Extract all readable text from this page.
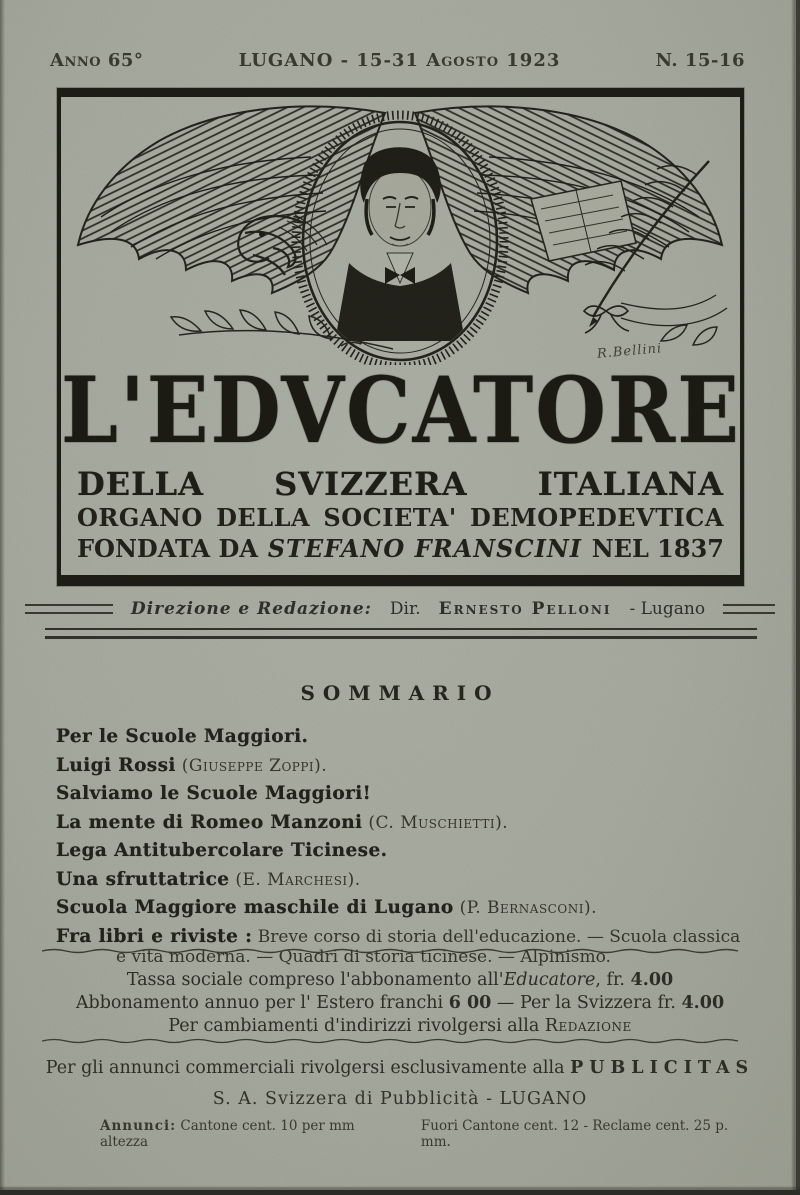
Anno 65°	LUGANO - 15-31 Agosto 1923	N. 15-16
R.Bellini
L'EDVCATORE
DELLA SVIZZERA ITALIANA
ORGANO DELLA SOCIETA' DEMOPEDEVTICA
FONDATA DA STEFANO FRANSCINI NEL 1837
Direzione e Redazione: Dir. Ernesto Pelloni - Lugano
SOMMARIO
Per le Scuole Maggiori.
Luigi Rossi (Giuseppe Zoppi).
Salviamo le Scuole Maggiori!
La mente di Romeo Manzoni (C. Muschietti).
Lega Antitubercolare Ticinese.
Una sfruttatrice (E. Marchesi).
Scuola Maggiore maschile di Lugano (P. Bernasconi).
Fra libri e riviste : Breve corso di storia dell'educazione. — Scuola classica e vita moderna. — Quadri di storia ticinese. — Alpinismo.
Tassa sociale compreso l'abbonamento all'Educatore, fr. 4.00
Abbonamento annuo per l' Estero franchi 6 00 — Per la Svizzera fr. 4.00
Per cambiamenti d'indirizzi rivolgersi alla Redazione
Per gli annunci commerciali rivolgersi esclusivamente alla PUBLICITAS
S. A. Svizzera di Pubblicità - LUGANO
Annunci: Cantone cent. 10 per mm altezza
Fuori Cantone cent. 12 - Reclame cent. 25 p. mm.
